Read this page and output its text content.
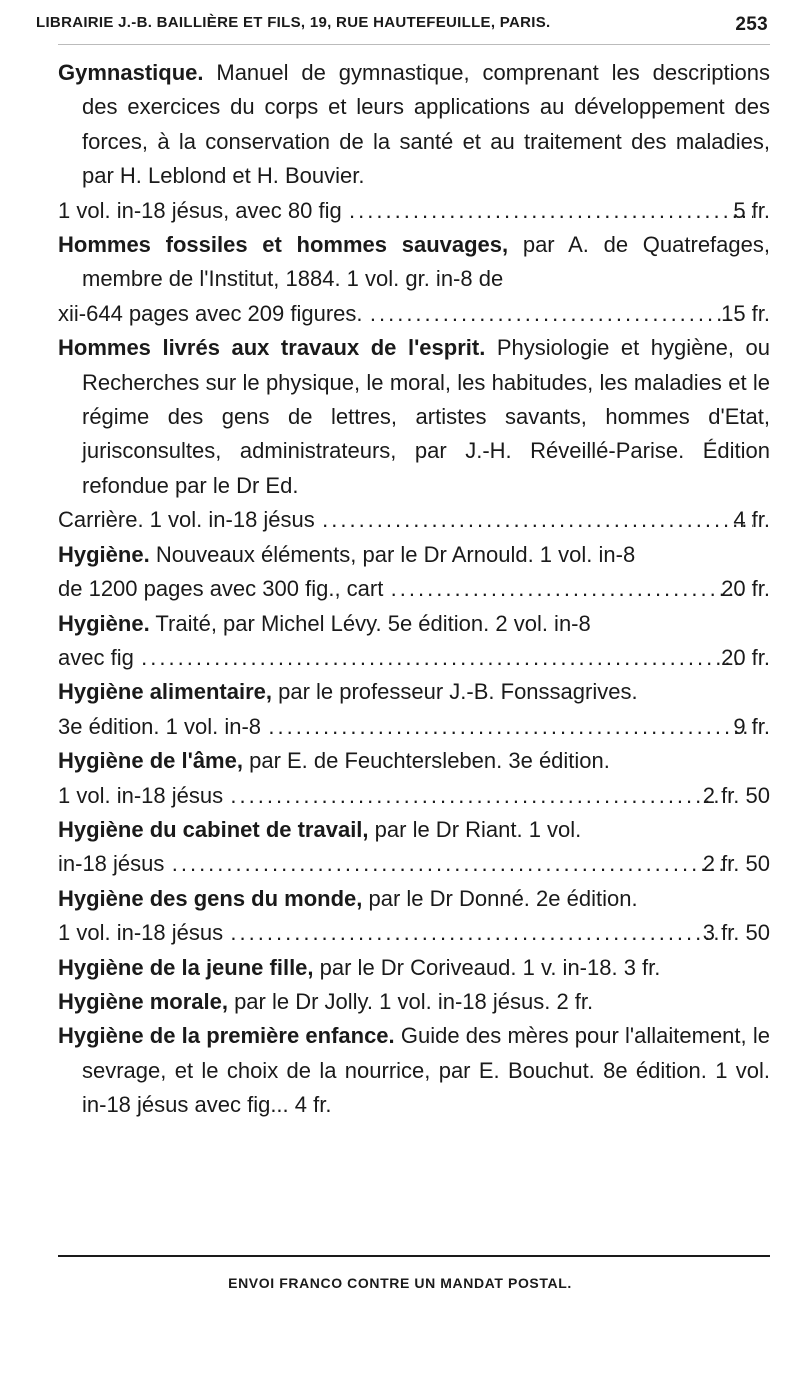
LIBRAIRIE J.-B. BAILLIÈRE ET FILS, 19, RUE HAUTEFEUILLE, PARIS.	253
Gymnastique. Manuel de gymnastique, comprenant les descriptions des exercices du corps et leurs applications au développement des forces, à la conservation de la santé et au traitement des maladies, par H. Leblond et H. Bouvier.
1 vol. in-18 jésus, avec 80 fig .....	5 fr.
Hommes fossiles et hommes sauvages, par A. de Quatrefages, membre de l'Institut, 1884. 1 vol. gr. in-8 de
xii-644 pages avec 209 figures. .....	15 fr.
Hommes livrés aux travaux de l'esprit. Physiologie et hygiène, ou Recherches sur le physique, le moral, les habitudes, les maladies et le régime des gens de lettres, artistes savants, hommes d'Etat, jurisconsultes, administrateurs, par J.-H. Réveillé-Parise. Édition refondue par le Dr Ed.
Carrière. 1 vol. in-18 jésus .....	4 fr.
Hygiène. Nouveaux éléments, par le Dr Arnould. 1 vol. in-8
de 1200 pages avec 300 fig., cart .....	20 fr.
Hygiène. Traité, par Michel Lévy. 5e édition. 2 vol. in-8
avec fig .....	20 fr.
Hygiène alimentaire, par le professeur J.-B. Fonssagrives.
3e édition. 1 vol. in-8 .....	9 fr.
Hygiène de l'âme, par E. de Feuchtersleben. 3e édition.
1 vol. in-18 jésus .....	2 fr. 50
Hygiène du cabinet de travail, par le Dr Riant. 1 vol.
in-18 jésus .....	2 fr. 50
Hygiène des gens du monde, par le Dr Donné. 2e édition.
1 vol. in-18 jésus .....	3 fr. 50
Hygiène de la jeune fille, par le Dr Coriveaud. 1 v. in-18. 3 fr.
Hygiène morale, par le Dr Jolly. 1 vol. in-18 jésus. 2 fr.
Hygiène de la première enfance. Guide des mères pour l'allaitement, le sevrage, et le choix de la nourrice, par E. Bouchut. 8e édition. 1 vol. in-18 jésus avec fig... 4 fr.
ENVOI FRANCO CONTRE UN MANDAT POSTAL.
